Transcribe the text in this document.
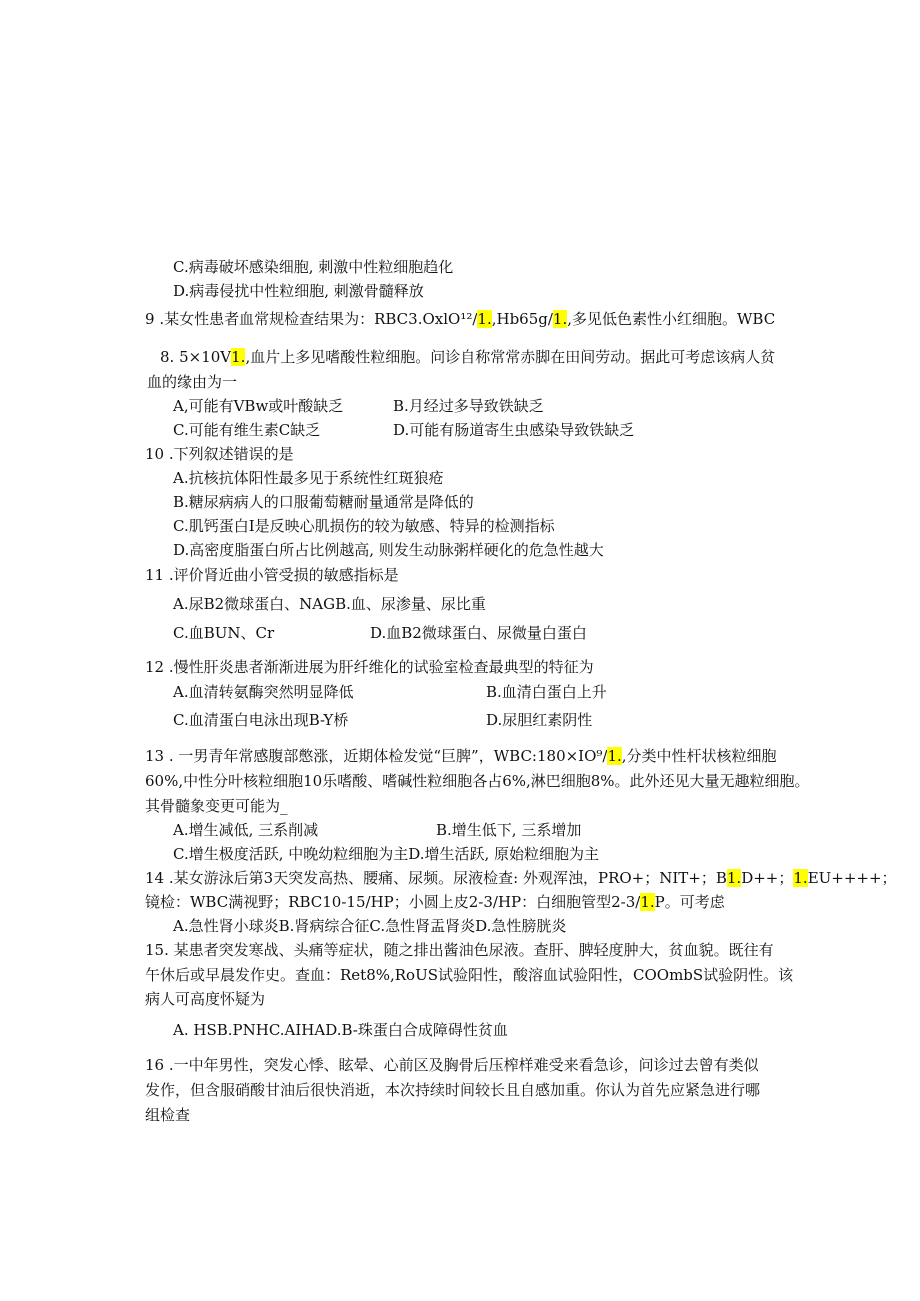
C.病毒破坏感染细胞, 刺激中性粒细胞趋化
D.病毒侵扰中性粒细胞, 刺激骨髓释放
9 .某女性患者血常规检查结果为：RBC3.OxlO¹²/1.,Hb65g/1.,多见低色素性小红细胞。WBC
8. 5×10V1.,血片上多见嗜酸性粒细胞。问诊自称常常赤脚在田间劳动。据此可考虑该病人贫
血的缘由为一
A,可能有VBw或叶酸缺乏	B.月经过多导致铁缺乏
C.可能有维生素C缺乏	D.可能有肠道寄生虫感染导致铁缺乏
10 .下列叙述错误的是
A.抗核抗体阳性最多见于系统性红斑狼疮
B.糖尿病病人的口服葡萄糖耐量通常是降低的
C.肌钙蛋白I是反映心肌损伤的较为敏感、特异的检测指标
D.高密度脂蛋白所占比例越高, 则发生动脉粥样硬化的危急性越大
11 .评价肾近曲小管受损的敏感指标是
A.尿B2微球蛋白、NAGB.血、尿渗量、尿比重
C.血BUN、Cr	D.血B2微球蛋白、尿微量白蛋白
12 .慢性肝炎患者渐渐进展为肝纤维化的试验室检查最典型的特征为
A.血清转氨酶突然明显降低	B.血清白蛋白上升
C.血清蛋白电泳出现B-Y桥	D.尿胆红素阴性
13 . 一男青年常感腹部憋涨，近期体检发觉“巨脾”，WBC:180×IO⁹/1.,分类中性杆状核粒细胞
60%,中性分叶核粒细胞10乐嗜酸、嗜碱性粒细胞各占6%,淋巴细胞8%。此外还见大量无趣粒细胞。
其骨髓象变更可能为_
A.增生减低, 三系削减	B.增生低下, 三系增加
C.增生极度活跃, 中晚幼粒细胞为主D.增生活跃, 原始粒细胞为主
14 .某女游泳后第3天突发高热、腰痛、尿频。尿液检查: 外观浑浊，PRO+；NIT+；B1.D++；1.EU++++；
镜检：WBC满视野；RBC10-15/HP；小圆上皮2-3/HP：白细胞管型2-3/1.P。可考虑
A.急性肾小球炎B.肾病综合征C.急性肾盂肾炎D.急性膀胱炎
15. 某患者突发寒战、头痛等症状，随之排出酱油色尿液。查肝、脾轻度肿大，贫血貌。既往有
午休后或早晨发作史。查血：Ret8%,RoUS试验阳性，酸溶血试验阳性，COOmbS试验阴性。该
病人可高度怀疑为
A. HSB.PNHC.AIHAD.B-珠蛋白合成障碍性贫血
16 .一中年男性，突发心悸、眩晕、心前区及胸骨后压榨样难受来看急诊，问诊过去曾有类似
发作，但含服硝酸甘油后很快消逝，本次持续时间较长且自感加重。你认为首先应紧急进行哪
组检查
